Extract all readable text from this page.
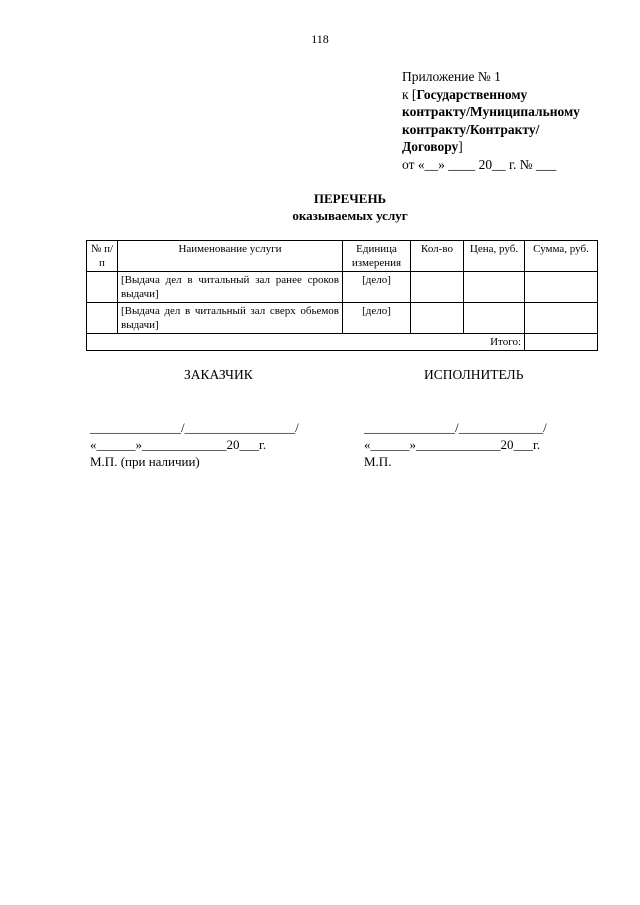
118
Приложение № 1
к [Государственному
контракту/Муниципальному
контракту/Контракту/
Договору]
от «__» ____ 20__ г. № ___
ПЕРЕЧЕНЬ
оказываемых услуг
№ п/п	Наименование услуги	Единица измерения	Кол-во	Цена, руб.	Сумма, руб.
	[Выдача дел в читальный зал ранее сроков выдачи]	[дело]			
	[Выдача дел в читальный зал сверх обьемов выдачи]	[дело]			
Итого:					
ЗАКАЗЧИК	ИСПОЛНИТЕЛЬ
______________/_________________/
«______»_____________20___г.
М.П. (при наличии)
______________/_____________/
«______»_____________20___г.
М.П.
